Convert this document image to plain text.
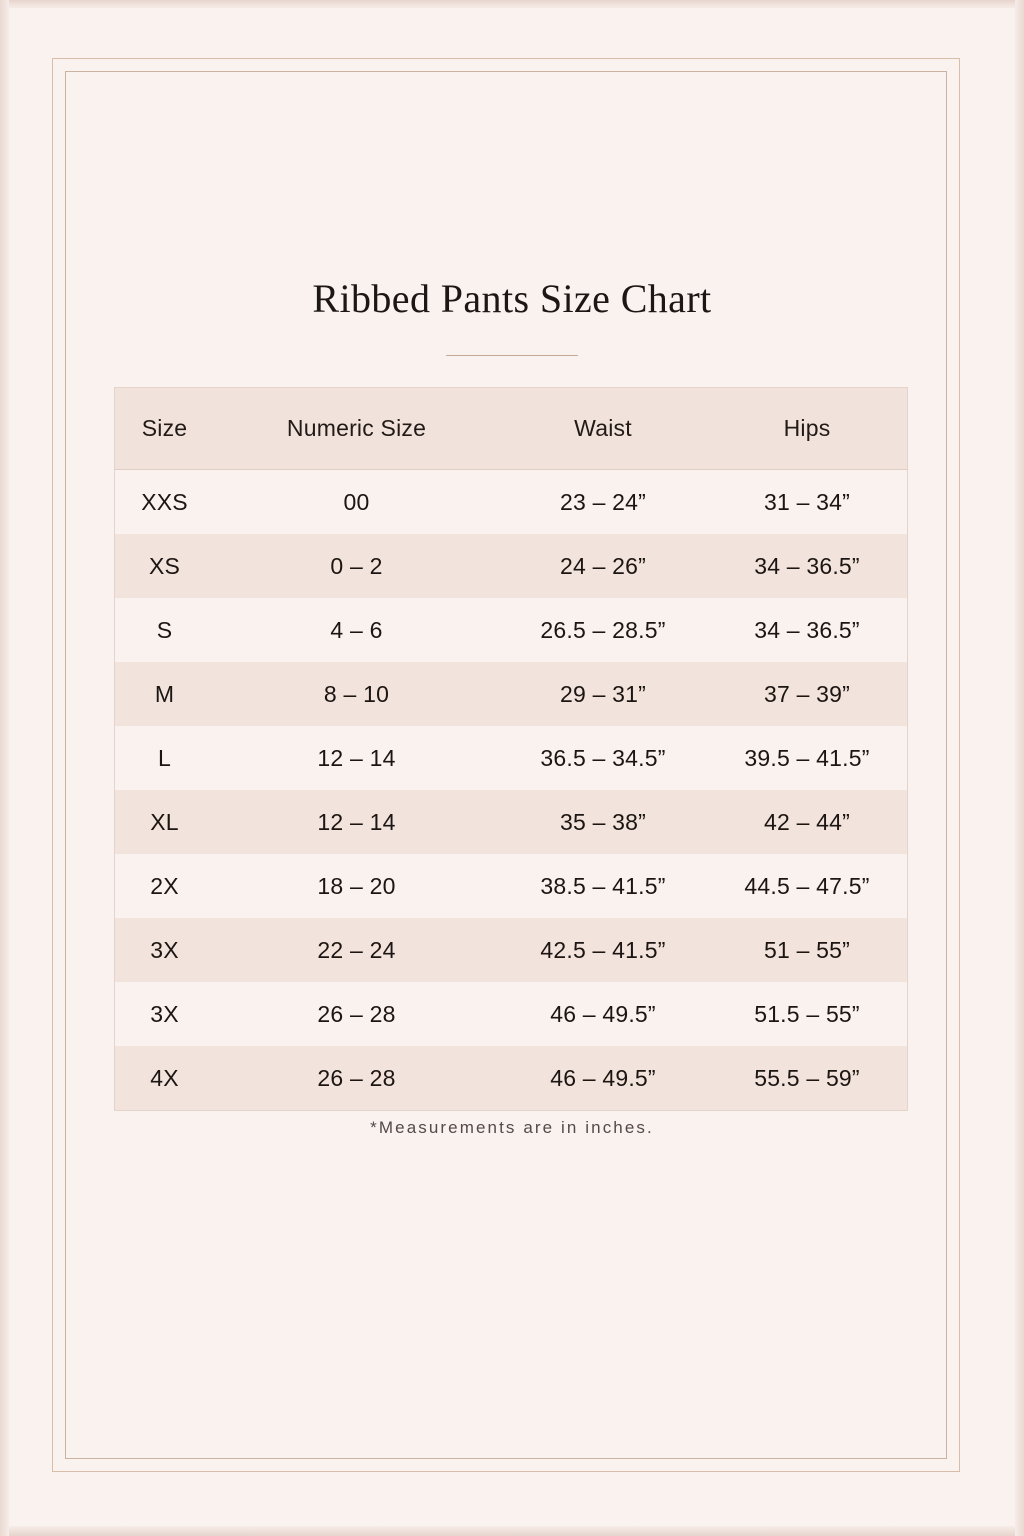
Ribbed Pants Size Chart
Size	Numeric Size	Waist	Hips
XXS	00	23 – 24”	31 – 34”
XS	0 – 2	24 – 26”	34 – 36.5”
S	4 – 6	26.5 – 28.5”	34 – 36.5”
M	8 – 10	29 – 31”	37 – 39”
L	12 – 14	36.5 – 34.5”	39.5 – 41.5”
XL	12 – 14	35 – 38”	42 – 44”
2X	18 – 20	38.5 – 41.5”	44.5 – 47.5”
3X	22 – 24	42.5 – 41.5”	51 – 55”
3X	26 – 28	46 – 49.5”	51.5 – 55”
4X	26 – 28	46 – 49.5”	55.5 – 59”
*Measurements are in inches.
